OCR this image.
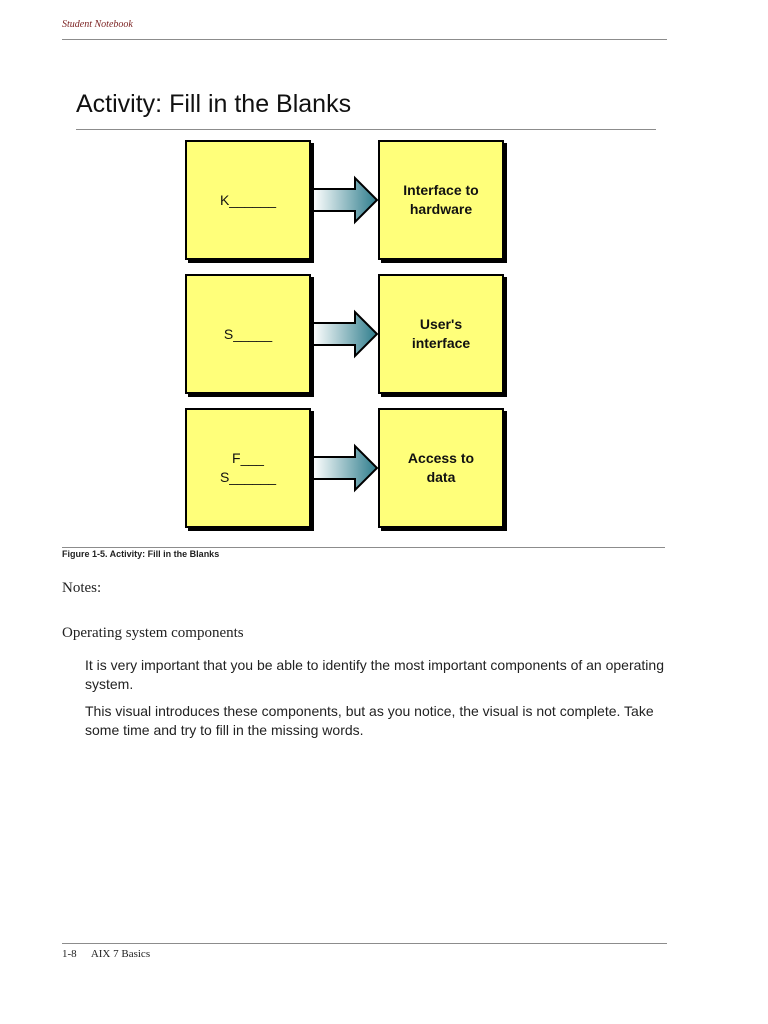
Student Notebook
Activity: Fill in the Blanks
K______
Interface to
hardware
S_____
User's
interface
F___
S______
Access to
data
Figure 1-5. Activity: Fill in the Blanks
Notes:
Operating system components

It is very important that you be able to identify the most important components of an operating system.

This visual introduces these components, but as you notice, the visual is not complete. Take some time and try to fill in the missing words.

1-8 AIX 7 Basics
